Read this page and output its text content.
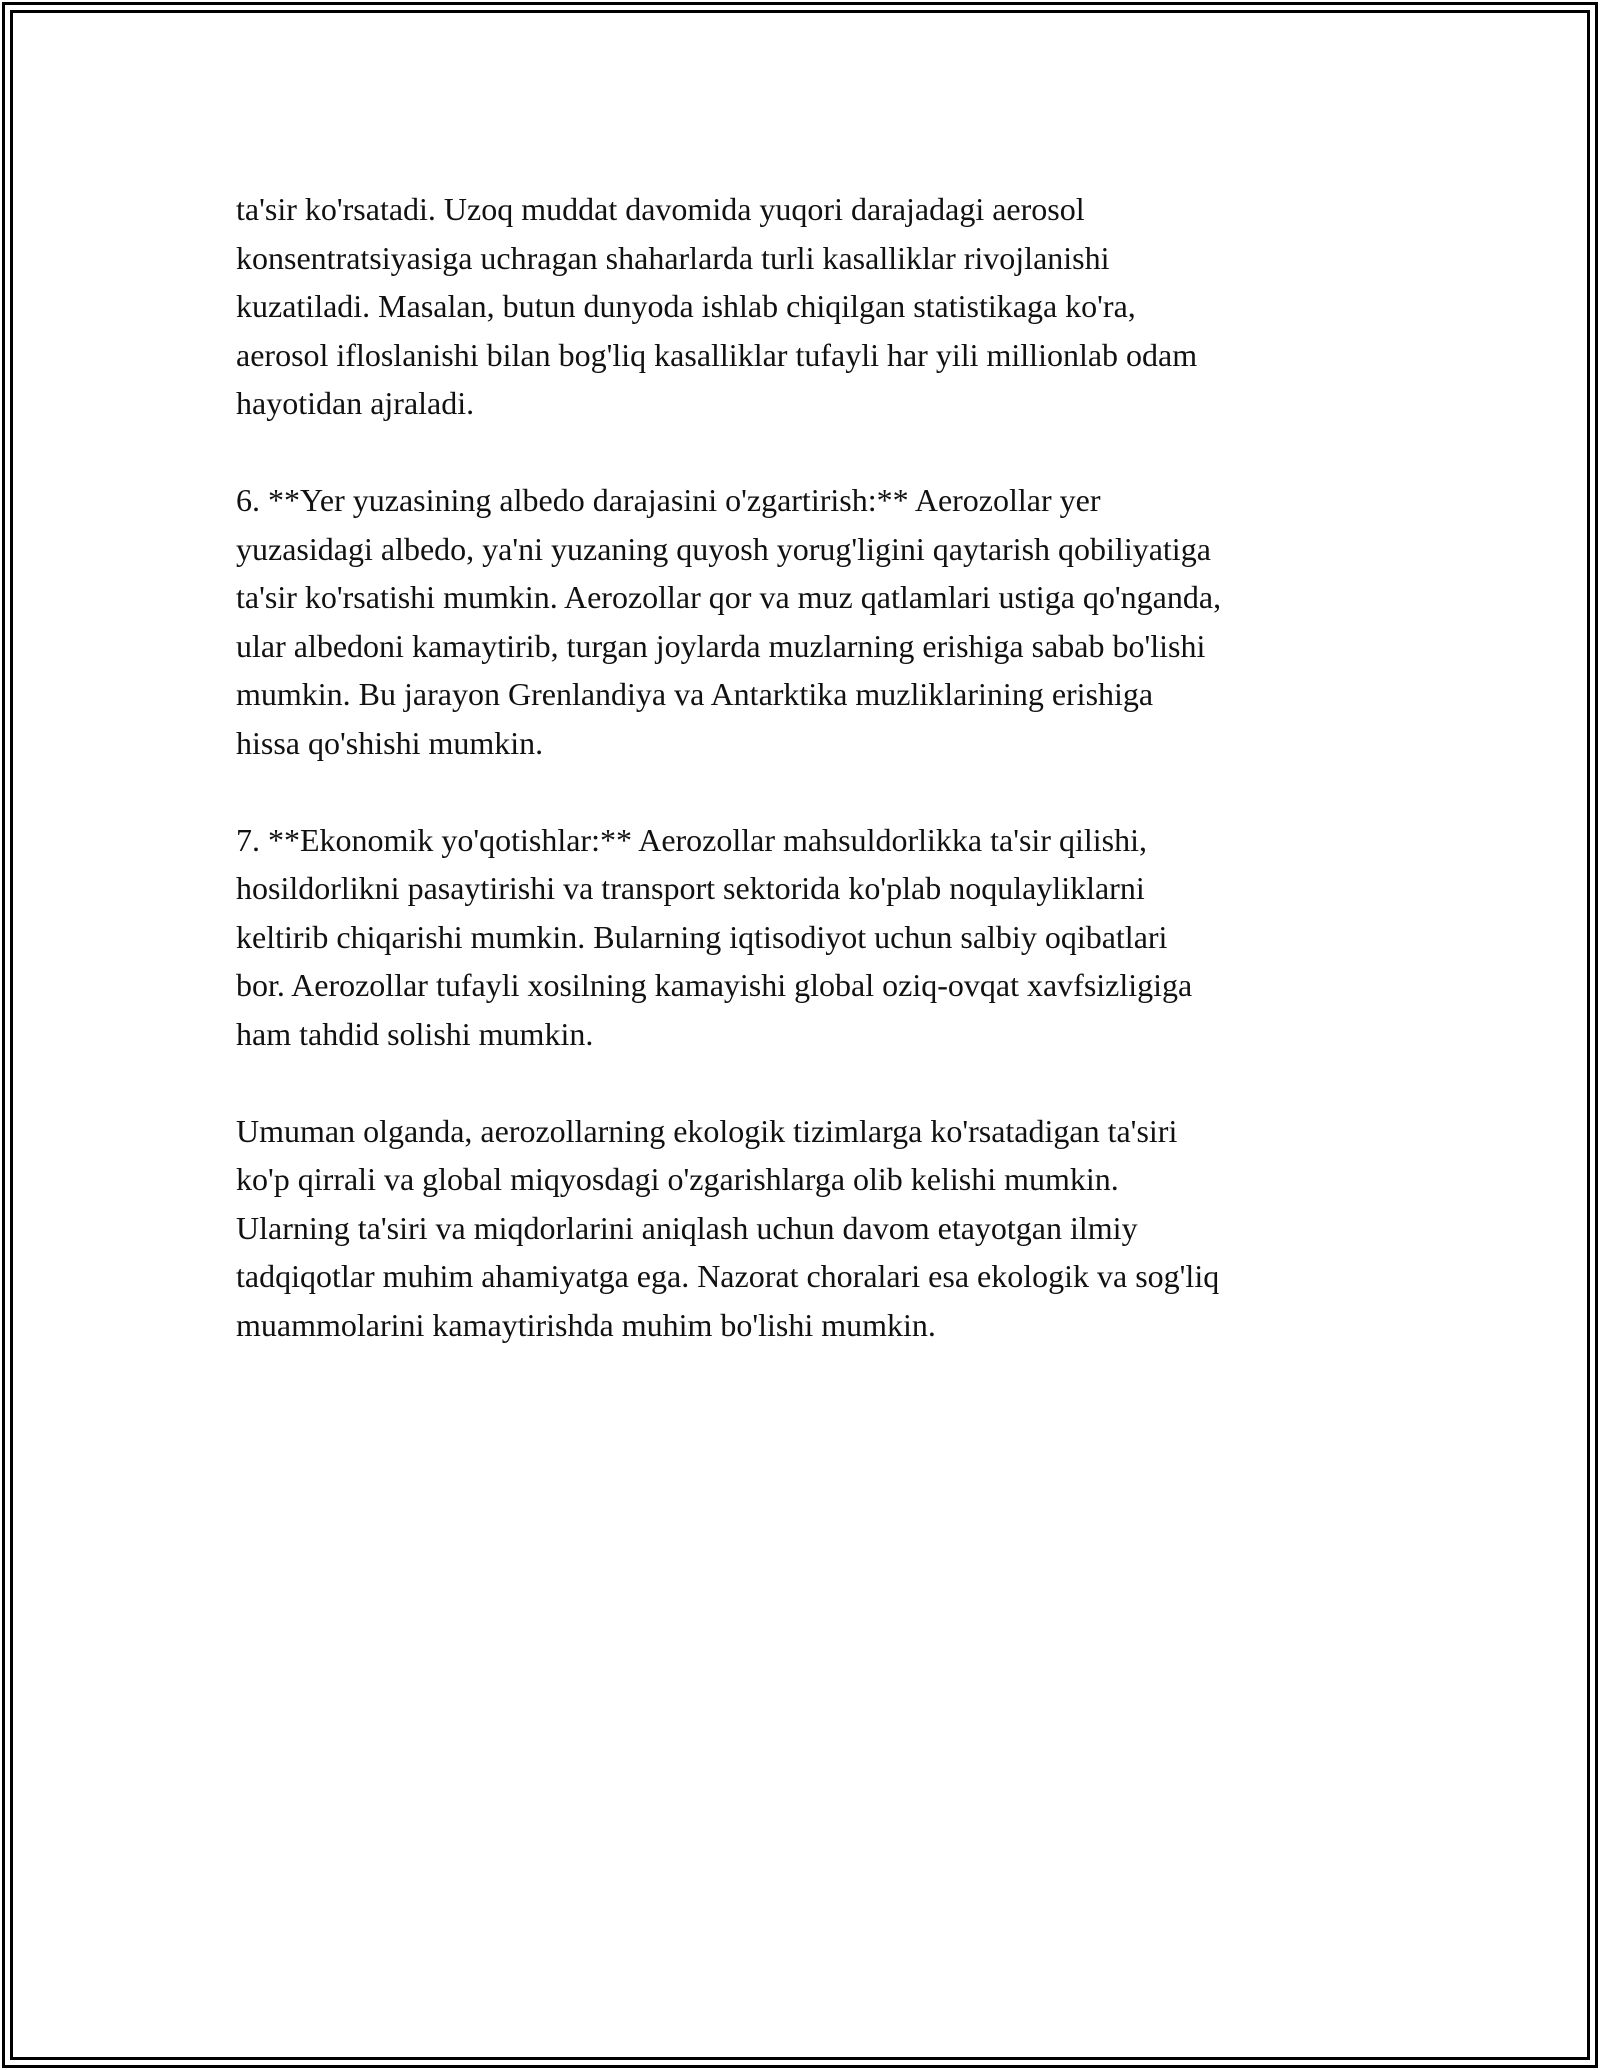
ta'sir ko'rsatadi. Uzoq muddat davomida yuqori darajadagi aerosol
konsentratsiyasiga uchragan shaharlarda turli kasalliklar rivojlanishi
kuzatiladi. Masalan, butun dunyoda ishlab chiqilgan statistikaga ko'ra,
aerosol ifloslanishi bilan bog'liq kasalliklar tufayli har yili millionlab odam
hayotidan ajraladi.

6. **Yer yuzasining albedo darajasini o'zgartirish:** Aerozollar yer
yuzasidagi albedo, ya'ni yuzaning quyosh yorug'ligini qaytarish qobiliyatiga
ta'sir ko'rsatishi mumkin. Aerozollar qor va muz qatlamlari ustiga qo'nganda,
ular albedoni kamaytirib, turgan joylarda muzlarning erishiga sabab bo'lishi
mumkin. Bu jarayon Grenlandiya va Antarktika muzliklarining erishiga
hissa qo'shishi mumkin.

7. **Ekonomik yo'qotishlar:** Aerozollar mahsuldorlikka ta'sir qilishi,
hosildorlikni pasaytirishi va transport sektorida ko'plab noqulayliklarni
keltirib chiqarishi mumkin. Bularning iqtisodiyot uchun salbiy oqibatlari
bor. Aerozollar tufayli xosilning kamayishi global oziq-ovqat xavfsizligiga
ham tahdid solishi mumkin.

Umuman olganda, aerozollarning ekologik tizimlarga ko'rsatadigan ta'siri
ko'p qirrali va global miqyosdagi o'zgarishlarga olib kelishi mumkin.
Ularning ta'siri va miqdorlarini aniqlash uchun davom etayotgan ilmiy
tadqiqotlar muhim ahamiyatga ega. Nazorat choralari esa ekologik va sog'liq
muammolarini kamaytirishda muhim bo'lishi mumkin.
